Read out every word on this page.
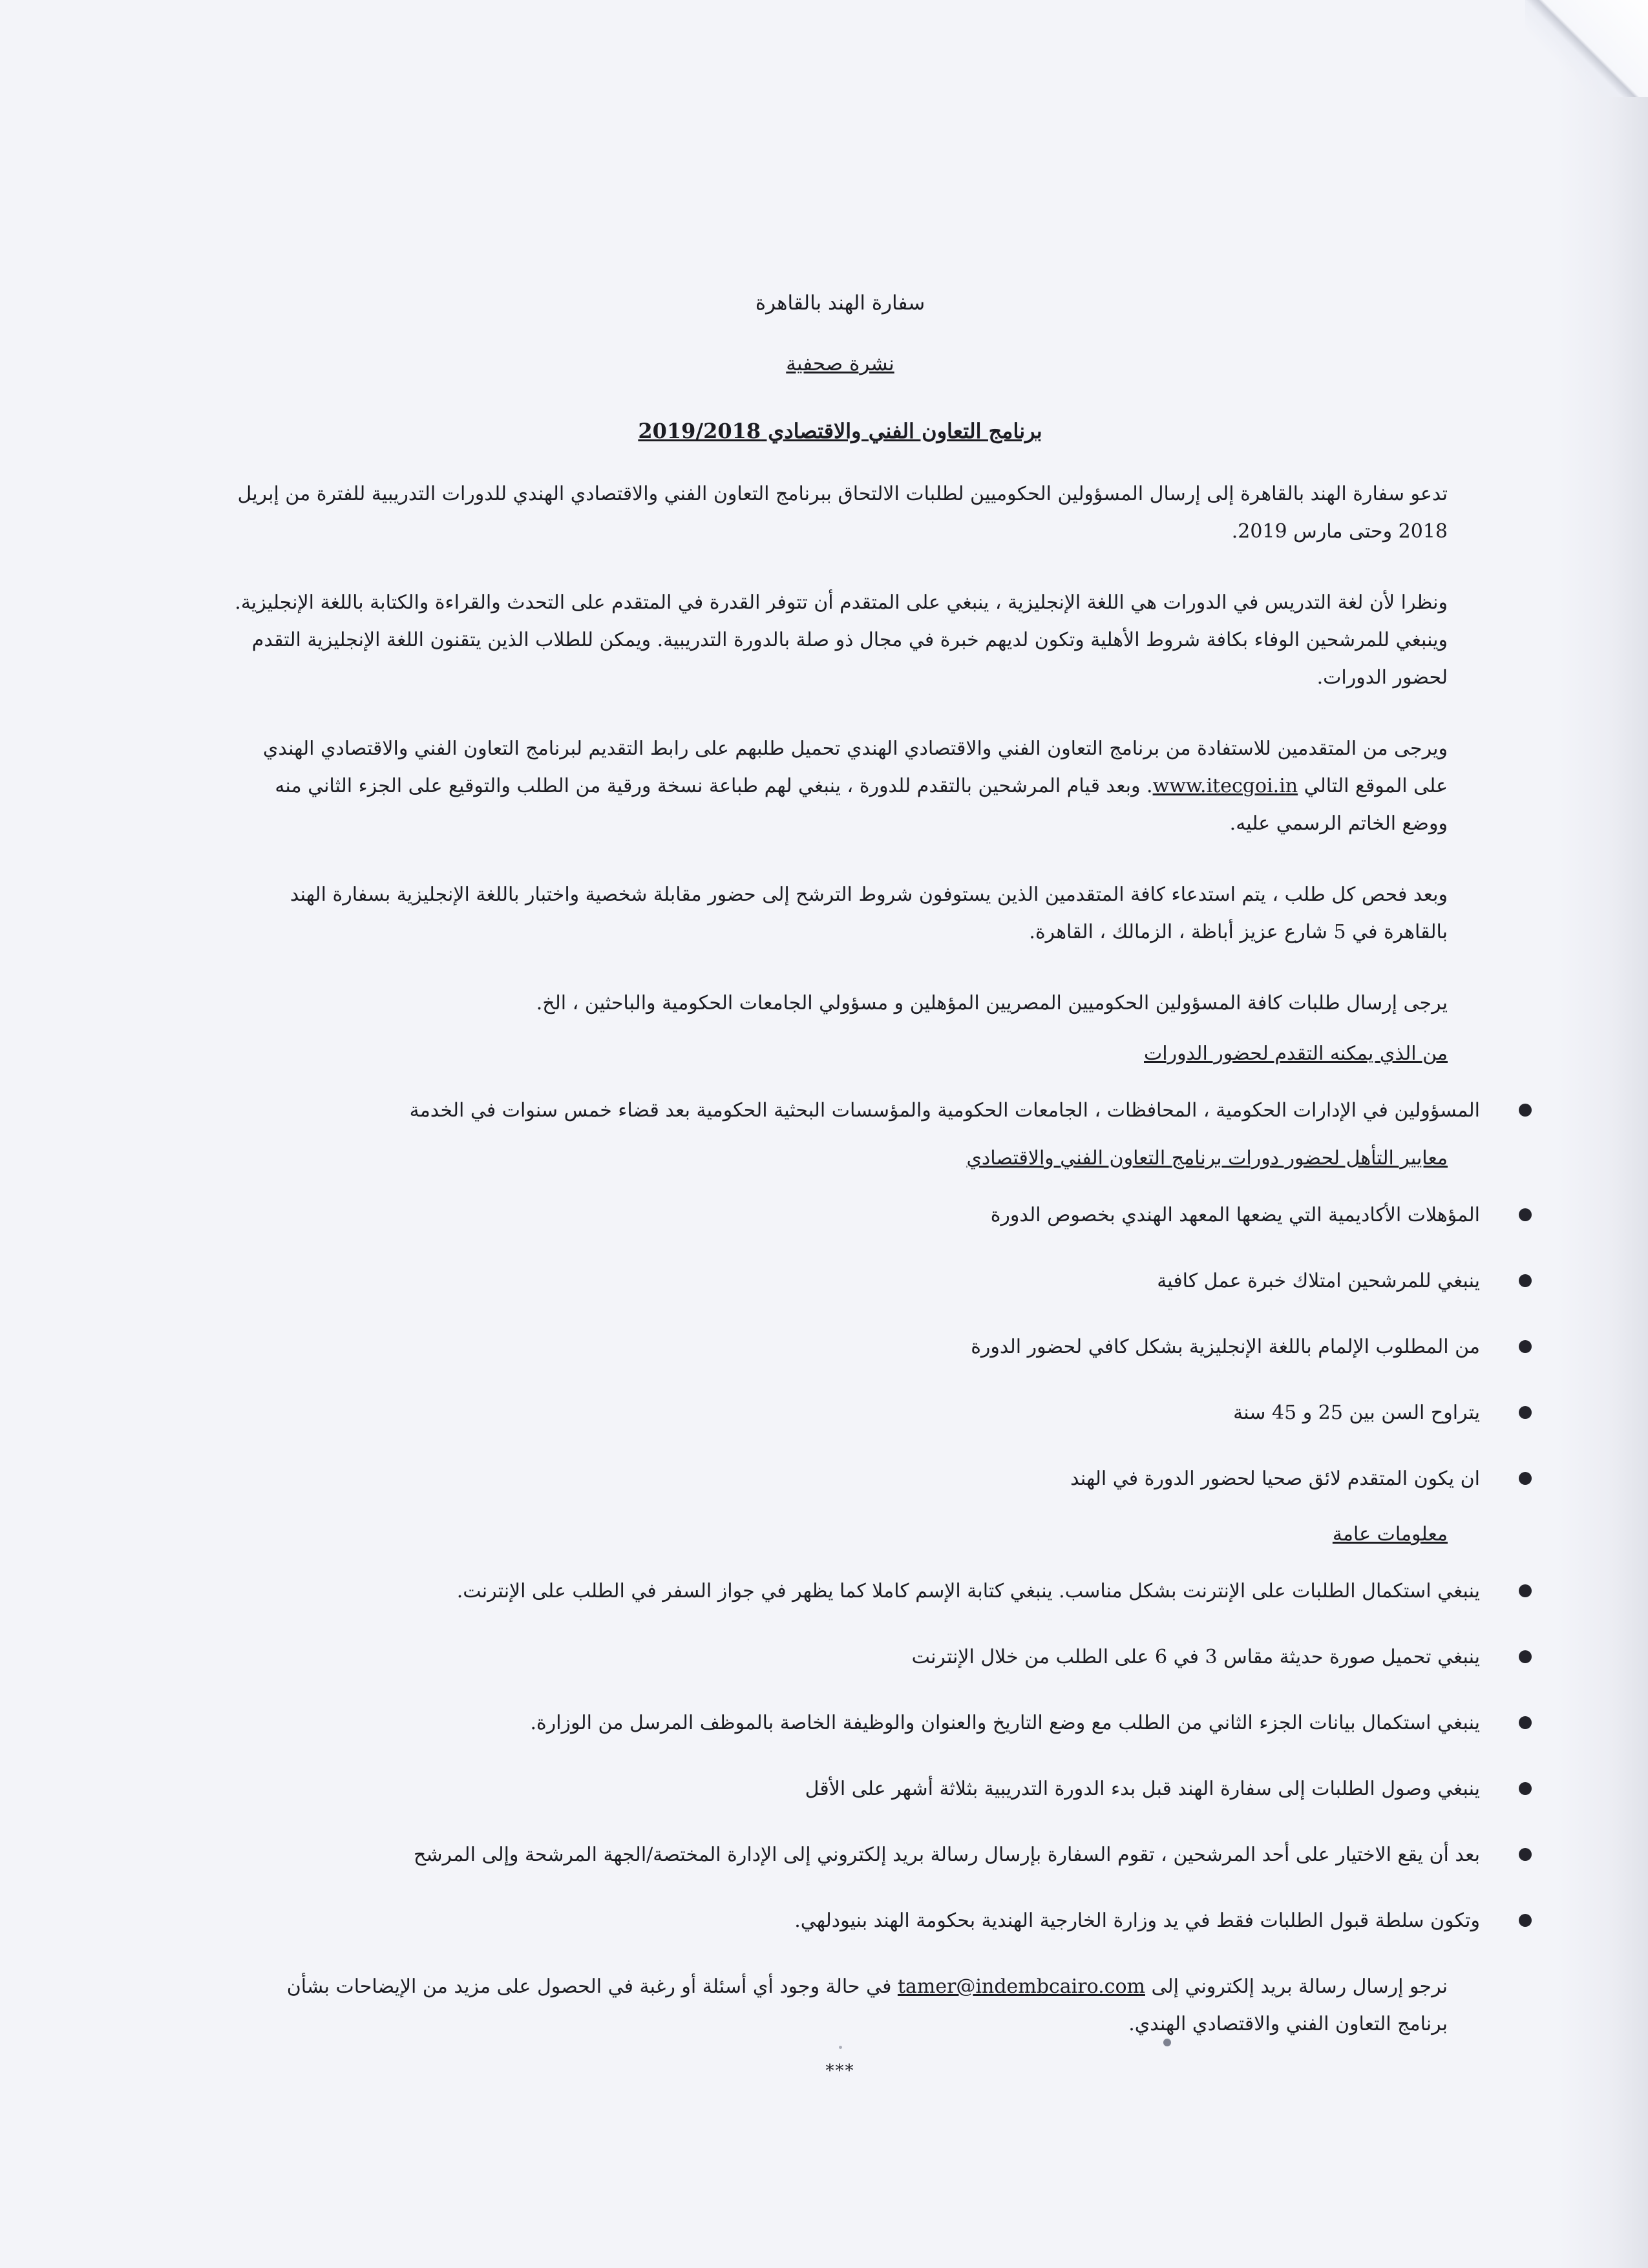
سفارة الهند بالقاهرة
نشرة صحفية
برنامج التعاون الفني والاقتصادي 2019/2018

تدعو سفارة الهند بالقاهرة إلى إرسال المسؤولين الحكوميين لطلبات الالتحاق ببرنامج التعاون الفني والاقتصادي الهندي للدورات التدريبية للفترة من إبريل 2018 وحتى مارس 2019.

ونظرا لأن لغة التدريس في الدورات هي اللغة الإنجليزية ، ينبغي على المتقدم أن تتوفر القدرة في المتقدم على التحدث والقراءة والكتابة باللغة الإنجليزية. وينبغي للمرشحين الوفاء بكافة شروط الأهلية وتكون لديهم خبرة في مجال ذو صلة بالدورة التدريبية. ويمكن للطلاب الذين يتقنون اللغة الإنجليزية التقدم لحضور الدورات.

ويرجى من المتقدمين للاستفادة من برنامج التعاون الفني والاقتصادي الهندي تحميل طلبهم على رابط التقديم لبرنامج التعاون الفني والاقتصادي الهندي على الموقع التالي www.itecgoi.in. وبعد قيام المرشحين بالتقدم للدورة ، ينبغي لهم طباعة نسخة ورقية من الطلب والتوقيع على الجزء الثاني منه ووضع الخاتم الرسمي عليه.

وبعد فحص كل طلب ، يتم استدعاء كافة المتقدمين الذين يستوفون شروط الترشح إلى حضور مقابلة شخصية واختبار باللغة الإنجليزية بسفارة الهند بالقاهرة في 5 شارع عزيز أباظة ، الزمالك ، القاهرة.

يرجى إرسال طلبات كافة المسؤولين الحكوميين المصريين المؤهلين و مسؤولي الجامعات الحكومية والباحثين ، الخ.

من الذي يمكنه التقدم لحضور الدورات
المسؤولين في الإدارات الحكومية ، المحافظات ، الجامعات الحكومية والمؤسسات البحثية الحكومية بعد قضاء خمس سنوات في الخدمة
معايير التأهل لحضور دورات برنامج التعاون الفني والاقتصادي
المؤهلات الأكاديمية التي يضعها المعهد الهندي بخصوص الدورة
ينبغي للمرشحين امتلاك خبرة عمل كافية
من المطلوب الإلمام باللغة الإنجليزية بشكل كافي لحضور الدورة
يتراوح السن بين 25 و 45 سنة
ان يكون المتقدم لائق صحيا لحضور الدورة في الهند
معلومات عامة
ينبغي استكمال الطلبات على الإنترنت بشكل مناسب. ينبغي كتابة الإسم كاملا كما يظهر في جواز السفر في الطلب على الإنترنت.
ينبغي تحميل صورة حديثة مقاس 3 في 6 على الطلب من خلال الإنترنت
ينبغي استكمال بيانات الجزء الثاني من الطلب مع وضع التاريخ والعنوان والوظيفة الخاصة بالموظف المرسل من الوزارة.
ينبغي وصول الطلبات إلى سفارة الهند قبل بدء الدورة التدريبية بثلاثة أشهر على الأقل
بعد أن يقع الاختيار على أحد المرشحين ، تقوم السفارة بإرسال رسالة بريد إلكتروني إلى الإدارة المختصة/الجهة المرشحة وإلى المرشح
وتكون سلطة قبول الطلبات فقط في يد وزارة الخارجية الهندية بحكومة الهند بنيودلهي.

نرجو إرسال رسالة بريد إلكتروني إلى tamer@indembcairo.com في حالة وجود أي أسئلة أو رغبة في الحصول على مزيد من الإيضاحات بشأن برنامج التعاون الفني والاقتصادي الهندي.

***
